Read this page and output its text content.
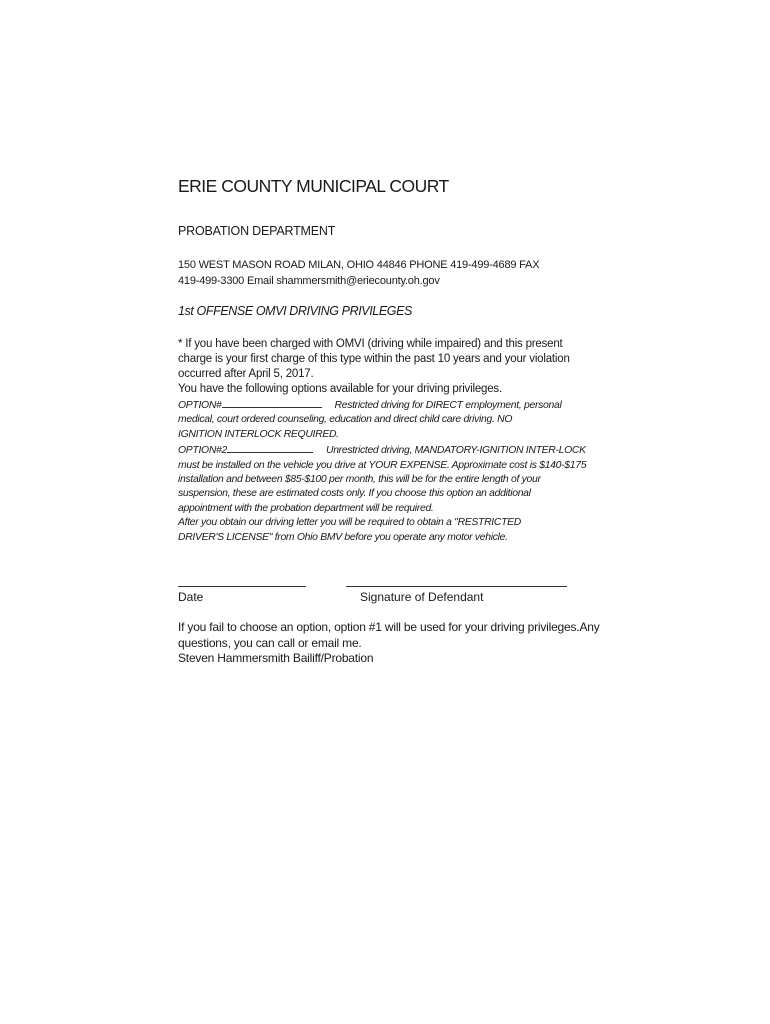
ERIE COUNTY MUNICIPAL COURT
PROBATION DEPARTMENT
150 WEST MASON ROAD MILAN, OHIO 44846 PHONE 419-499-4689 FAX
419-499-3300 Email shammersmith@eriecounty.oh.gov
1st OFFENSE OMVI DRIVING PRIVILEGES
* If you have been charged with OMVI (driving while impaired) and this present
charge is your first charge of this type within the past 10 years and your violation
occurred after April 5, 2017.
You have the following options available for your driving privileges.
OPTION#	Restricted driving for DIRECT employment, personal
medical, court ordered counseling, education and direct child care driving. NO
IGNITION INTERLOCK REQUIRED.
OPTION#2	Unrestricted driving, MANDATORY-IGNITION INTER-LOCK
must be installed on the vehicle you drive at YOUR EXPENSE. Approximate cost is $140-$175
installation and between $85-$100 per month, this will be for the entire length of your
suspension, these are estimated costs only. If you choose this option an additional
appointment with the probation department will be required.
After you obtain our driving letter you will be required to obtain a "RESTRICTED
DRIVER'S LICENSE" from Ohio BMV before you operate any motor vehicle.
Date	Signature of Defendant
If you fail to choose an option, option #1 will be used for your driving privileges.Any
questions, you can call or email me.
Steven Hammersmith Bailiff/Probation
